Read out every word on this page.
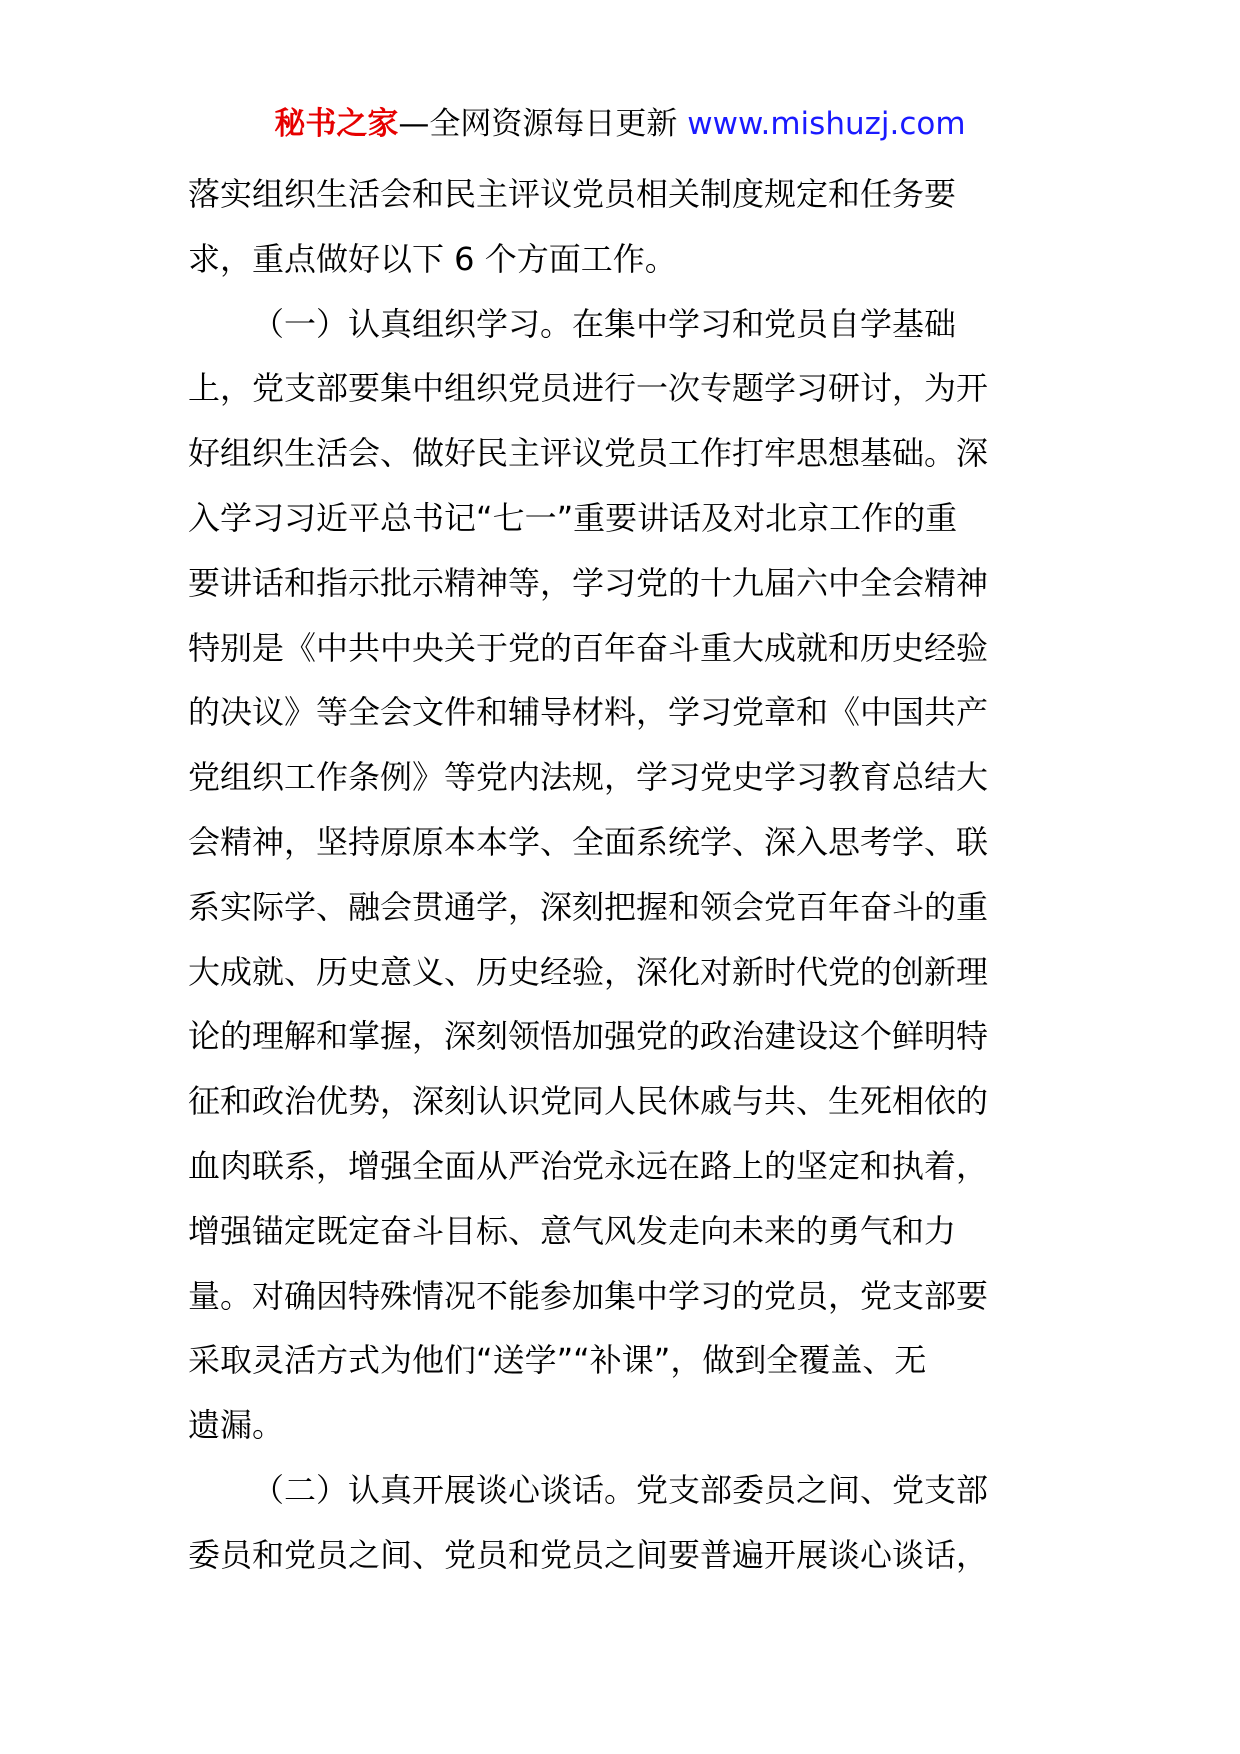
秘书之家—全网资源每日更新 www.mishuzj.com
落实组织生活会和民主评议党员相关制度规定和任务要
求，重点做好以下 6 个方面工作。
（一）认真组织学习。在集中学习和党员自学基础
上，党支部要集中组织党员进行一次专题学习研讨，为开
好组织生活会、做好民主评议党员工作打牢思想基础。深
入学习习近平总书记“七一”重要讲话及对北京工作的重
要讲话和指示批示精神等，学习党的十九届六中全会精神
特别是《中共中央关于党的百年奋斗重大成就和历史经验
的决议》等全会文件和辅导材料，学习党章和《中国共产
党组织工作条例》等党内法规，学习党史学习教育总结大
会精神，坚持原原本本学、全面系统学、深入思考学、联
系实际学、融会贯通学，深刻把握和领会党百年奋斗的重
大成就、历史意义、历史经验，深化对新时代党的创新理
论的理解和掌握，深刻领悟加强党的政治建设这个鲜明特
征和政治优势，深刻认识党同人民休戚与共、生死相依的
血肉联系，增强全面从严治党永远在路上的坚定和执着，
增强锚定既定奋斗目标、意气风发走向未来的勇气和力
量。对确因特殊情况不能参加集中学习的党员，党支部要
采取灵活方式为他们“送学”“补课”，做到全覆盖、无
遗漏。
（二）认真开展谈心谈话。党支部委员之间、党支部
委员和党员之间、党员和党员之间要普遍开展谈心谈话，
